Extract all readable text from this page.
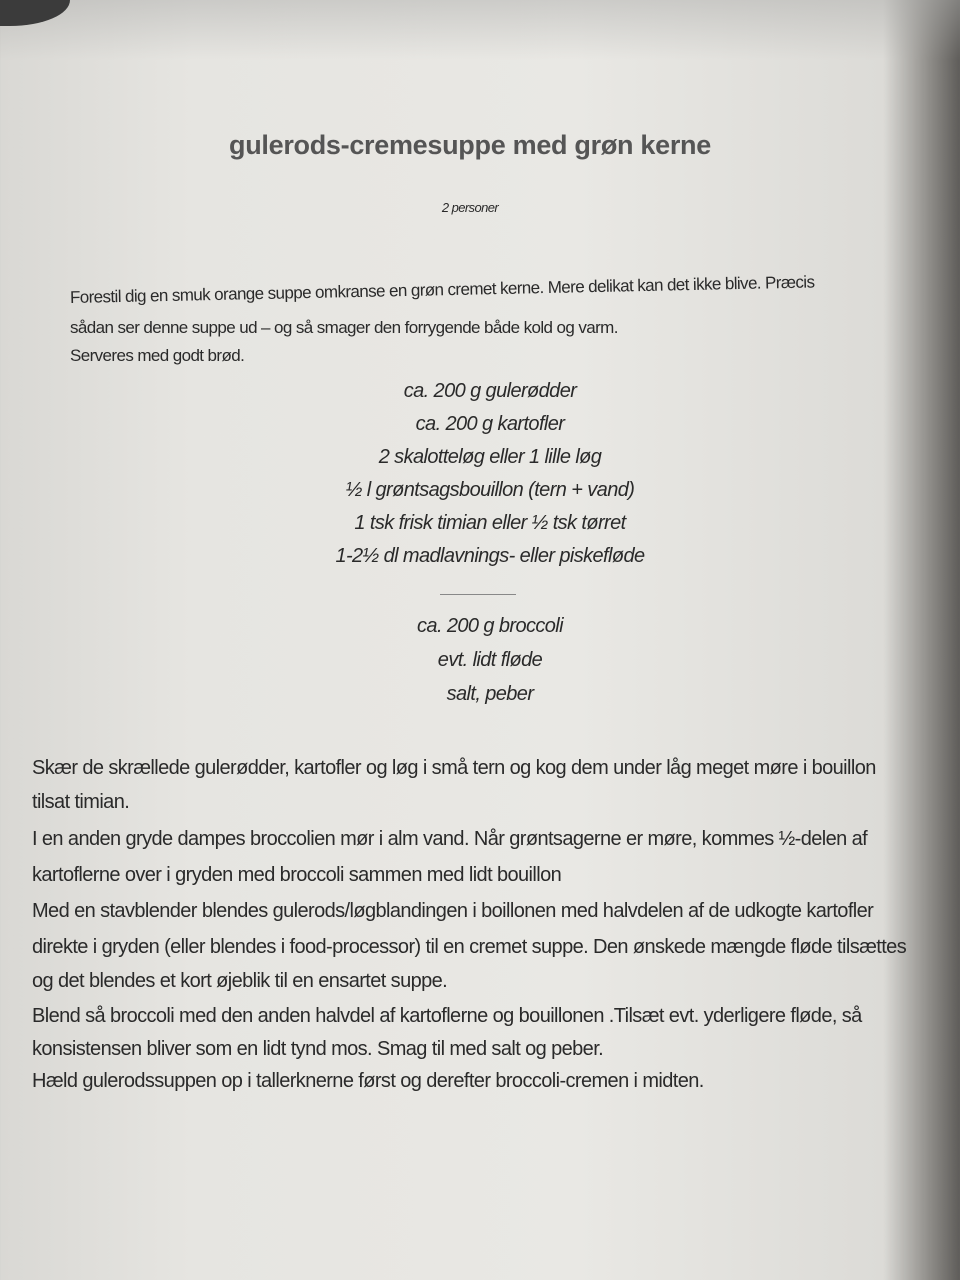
gulerods-cremesuppe med grøn kerne
2 personer
Forestil dig en smuk orange suppe omkranse en grøn cremet kerne. Mere delikat kan det ikke blive. Præcis
sådan ser denne suppe ud – og så smager den forrygende både kold og varm.
Serveres med godt brød.
ca. 200 g gulerødder
ca. 200 g kartofler
2 skalotteløg eller 1 lille løg
½ l grøntsagsbouillon (tern + vand)
1 tsk frisk timian eller ½ tsk tørret
1-2½ dl madlavnings- eller piskefløde
ca. 200 g broccoli
evt. lidt fløde
salt, peber
Skær de skrællede gulerødder, kartofler og løg i små tern og kog dem under låg meget møre i bouillon
tilsat timian.
I en anden gryde dampes broccolien mør i alm vand. Når grøntsagerne er møre, kommes ½-delen af
kartoflerne over i gryden med broccoli sammen med lidt bouillon
Med en stavblender blendes gulerods/løgblandingen i boillonen med halvdelen af de udkogte kartofler
direkte i gryden (eller blendes i food-processor) til en cremet suppe. Den ønskede mængde fløde tilsættes
og det blendes et kort øjeblik til en ensartet suppe.
Blend så broccoli med den anden halvdel af kartoflerne og bouillonen .Tilsæt evt. yderligere fløde, så
konsistensen bliver som en lidt tynd mos. Smag til med salt og peber.
Hæld gulerodssuppen op i tallerknerne først og derefter broccoli-cremen i midten.
